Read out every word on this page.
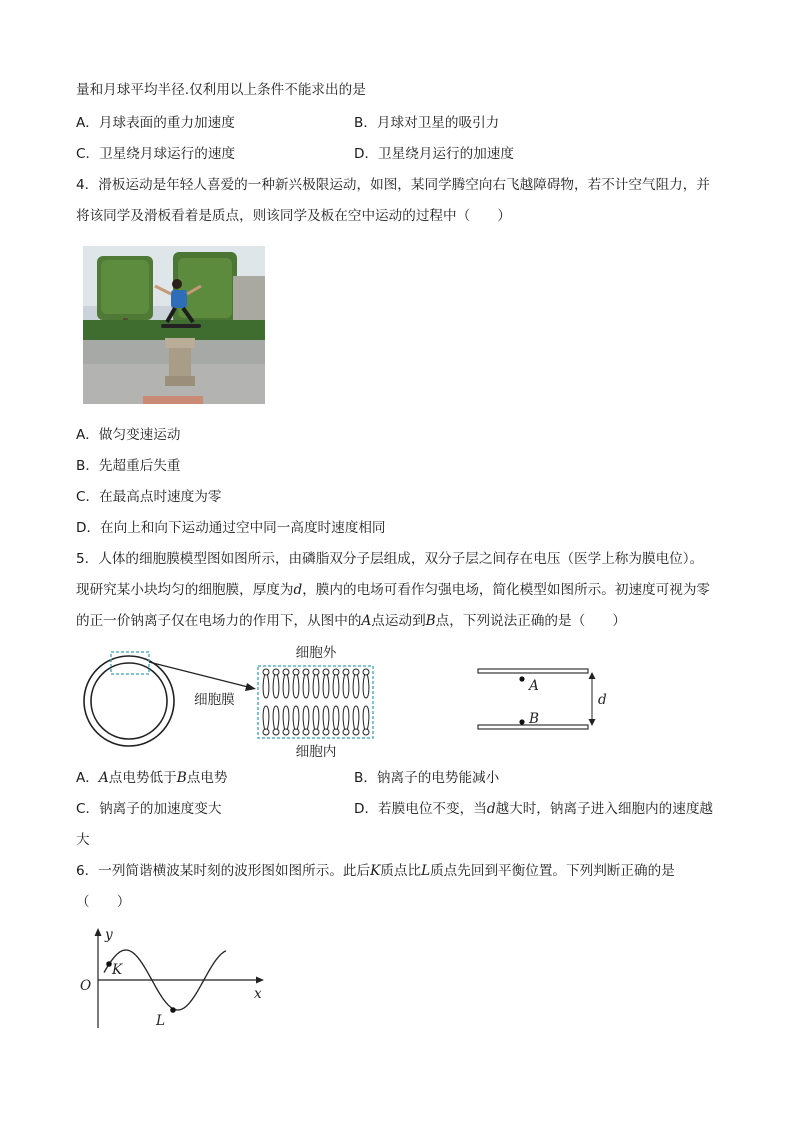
量和月球平均半径.仅利用以上条件不能求出的是
A．月球表面的重力加速度	B．月球对卫星的吸引力
C．卫星绕月球运行的速度	D．卫星绕月运行的加速度
4．滑板运动是年轻人喜爱的一种新兴极限运动，如图，某同学腾空向右飞越障碍物，若不计空气阻力，并
将该同学及滑板看着是质点，则该同学及板在空中运动的过程中（　　）
A．做匀变速运动
B．先超重后失重
C．在最高点时速度为零
D．在向上和向下运动通过空中同一高度时速度相同
5．人体的细胞膜模型图如图所示，由磷脂双分子层组成，双分子层之间存在电压（医学上称为膜电位）。
现研究某小块均匀的细胞膜，厚度为d，膜内的电场可看作匀强电场，简化模型如图所示。初速度可视为零
的正一价钠离子仅在电场力的作用下，从图中的A点运动到B点，下列说法正确的是（　　）
细胞膜
细胞外
细胞内
A
B
d
A．A点电势低于B点电势	B．钠离子的电势能减小
C．钠离子的加速度变大	D．若膜电位不变，当d越大时，钠离子进入细胞内的速度越
大
6．一列简谐横波某时刻的波形图如图所示。此后K质点比L质点先回到平衡位置。下列判断正确的是
（　　）
y
x
O
K
L
